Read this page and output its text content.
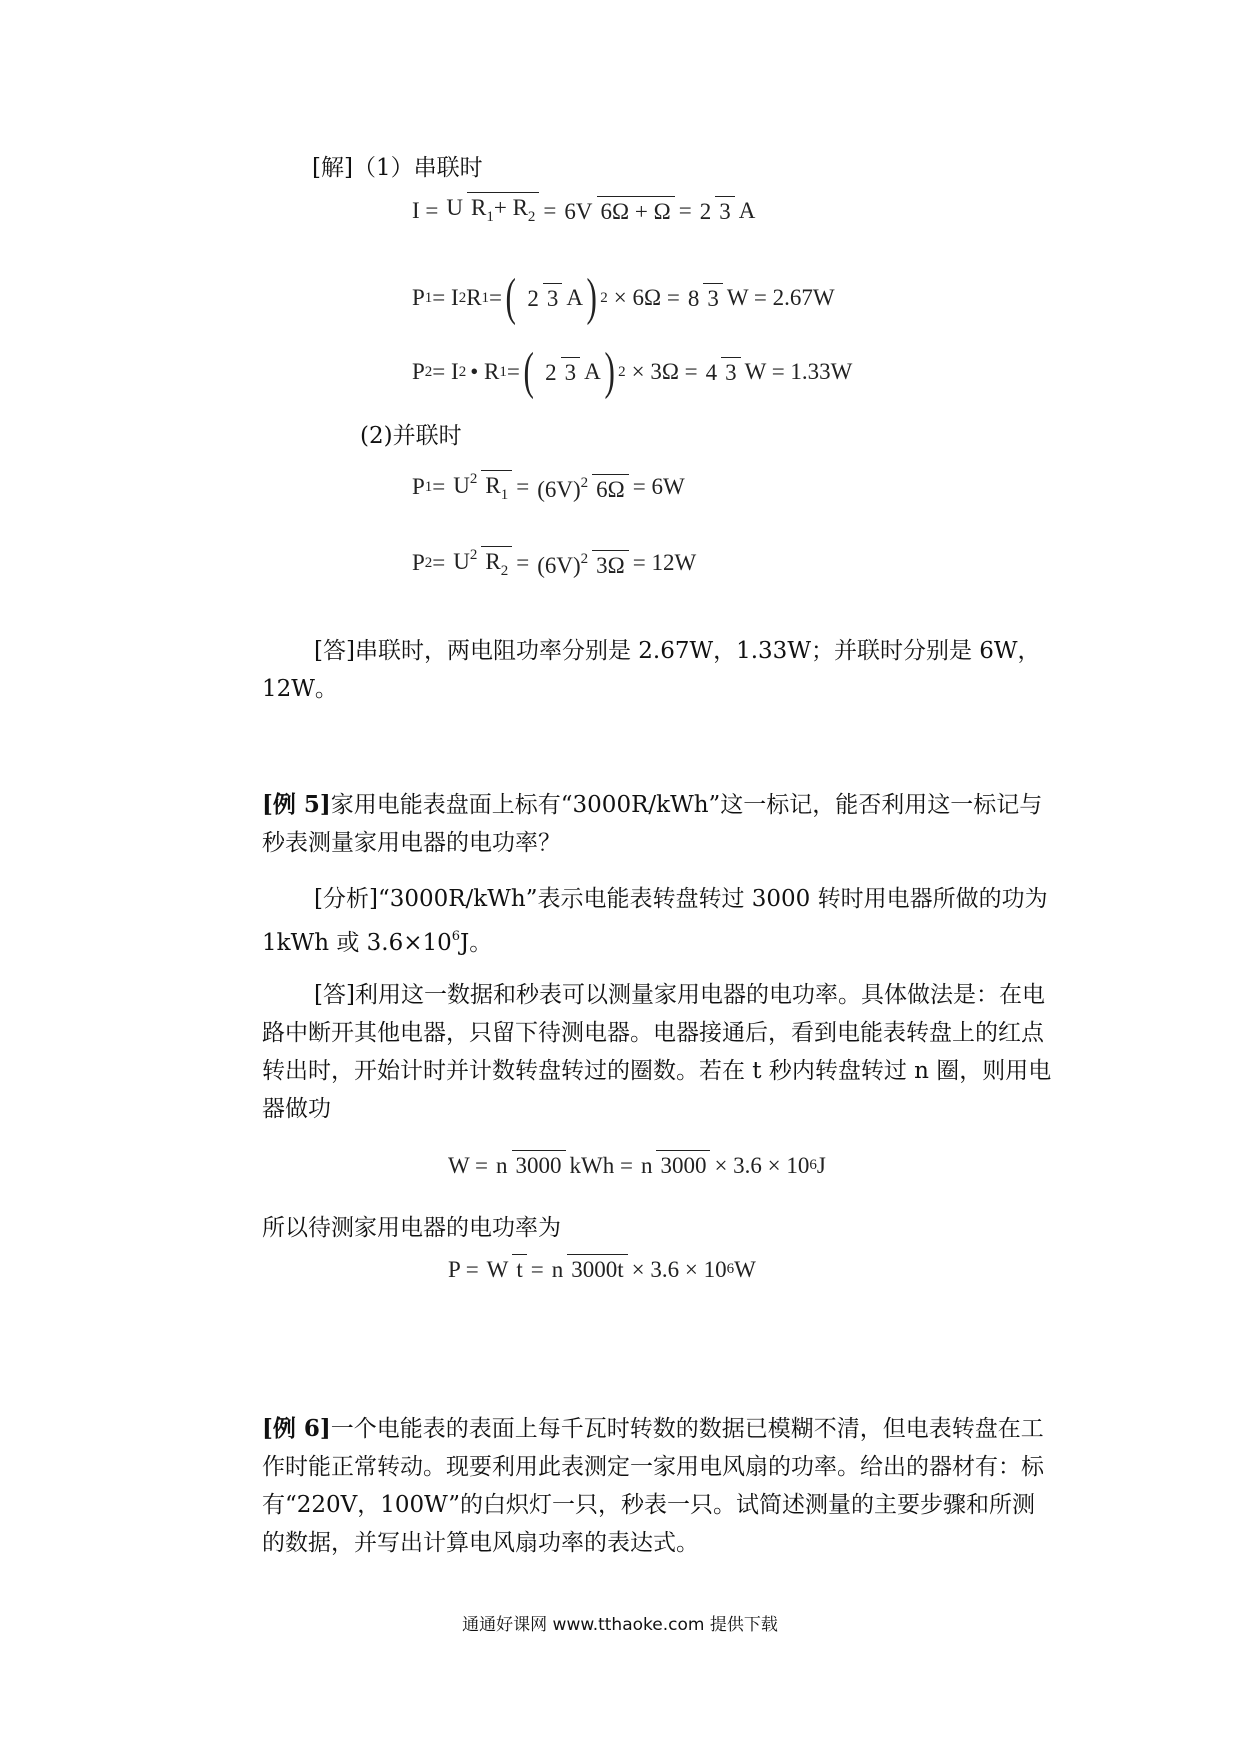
[解]（1）串联时
I = U R1+ R2 = 6V 6Ω + Ω = 2 3 A
P 1 = I 2 R 1 = ( 2 3 A ) 2 × 6Ω = 8 3 W = 2.67W
P 2 = I 2 • R 1 = ( 2 3 A ) 2 × 3Ω = 4 3 W = 1.33W
(2)并联时
P 1 = U2 R1 = (6V)2 6Ω = 6W
P 2 = U2 R2 = (6V)2 3Ω = 12W
[答]串联时，两电阻功率分别是 2.67W，1.33W；并联时分别是 6W，12W。
[例 5]家用电能表盘面上标有“3000R/kWh”这一标记，能否利用这一标记与秒表测量家用电器的电功率？
[分析]“3000R/kWh”表示电能表转盘转过 3000 转时用电器所做的功为 1kWh 或 $3.6\times 10^6J$。
[答]利用这一数据和秒表可以测量家用电器的电功率。具体做法是：在电路中断开其他电器，只留下待测电器。电器接通后，看到电能表转盘上的红点转出时，开始计时并计数转盘转过的圈数。若在 t 秒内转盘转过 n 圈，则用电器做功
W = n 3000 kWh = n 3000 × 3.6 × 10 6 J
所以待测家用电器的电功率为
P = W t = n 3000t × 3.6 × 10 6 W
[例 6]一个电能表的表面上每千瓦时转数的数据已模糊不清，但电表转盘在工作时能正常转动。现要利用此表测定一家用电风扇的功率。给出的器材有：标有“220V，100W”的白炽灯一只，秒表一只。试简述测量的主要步骤和所测的数据，并写出计算电风扇功率的表达式。
通通好课网 www.tthaoke.com 提供下载
